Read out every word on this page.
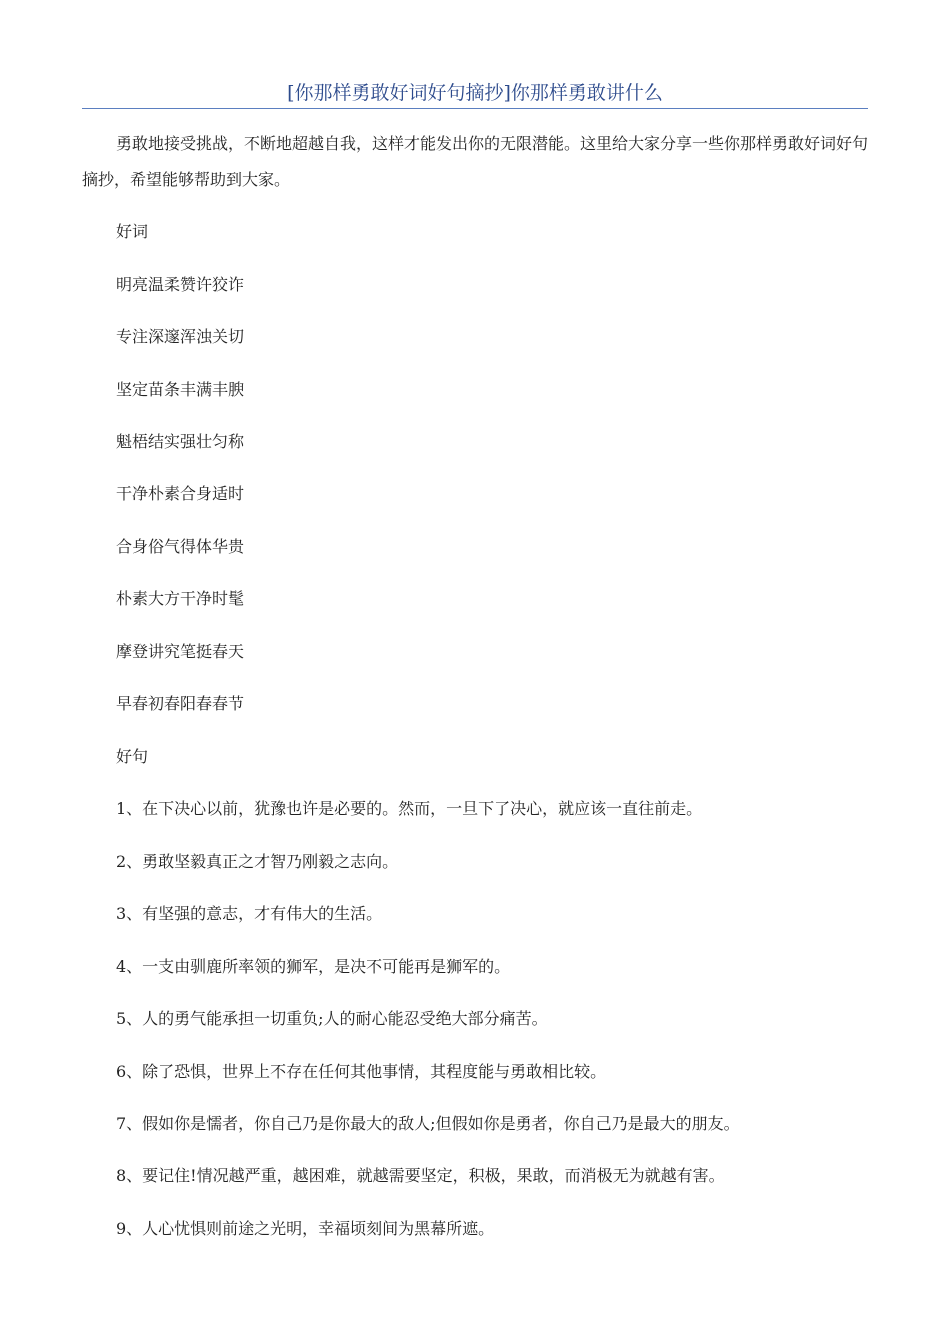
[你那样勇敢好词好句摘抄]你那样勇敢讲什么

勇敢地接受挑战，不断地超越自我，这样才能发出你的无限潜能。这里给大家分享一些你那样勇敢好词好句摘抄，希望能够帮助到大家。

好词

明亮温柔赞许狡诈

专注深邃浑浊关切

坚定苗条丰满丰腴

魁梧结实强壮匀称

干净朴素合身适时

合身俗气得体华贵

朴素大方干净时髦

摩登讲究笔挺春天

早春初春阳春春节

好句

1、在下决心以前，犹豫也许是必要的。然而，一旦下了决心，就应该一直往前走。

2、勇敢坚毅真正之才智乃刚毅之志向。

3、有坚强的意志，才有伟大的生活。

4、一支由驯鹿所率领的狮军，是决不可能再是狮军的。

5、人的勇气能承担一切重负;人的耐心能忍受绝大部分痛苦。

6、除了恐惧，世界上不存在任何其他事情，其程度能与勇敢相比较。

7、假如你是懦者，你自己乃是你最大的敌人;但假如你是勇者，你自己乃是最大的朋友。

8、要记住!情况越严重，越困难，就越需要坚定，积极，果敢，而消极无为就越有害。

9、人心忧惧则前途之光明，幸福顷刻间为黑幕所遮。
